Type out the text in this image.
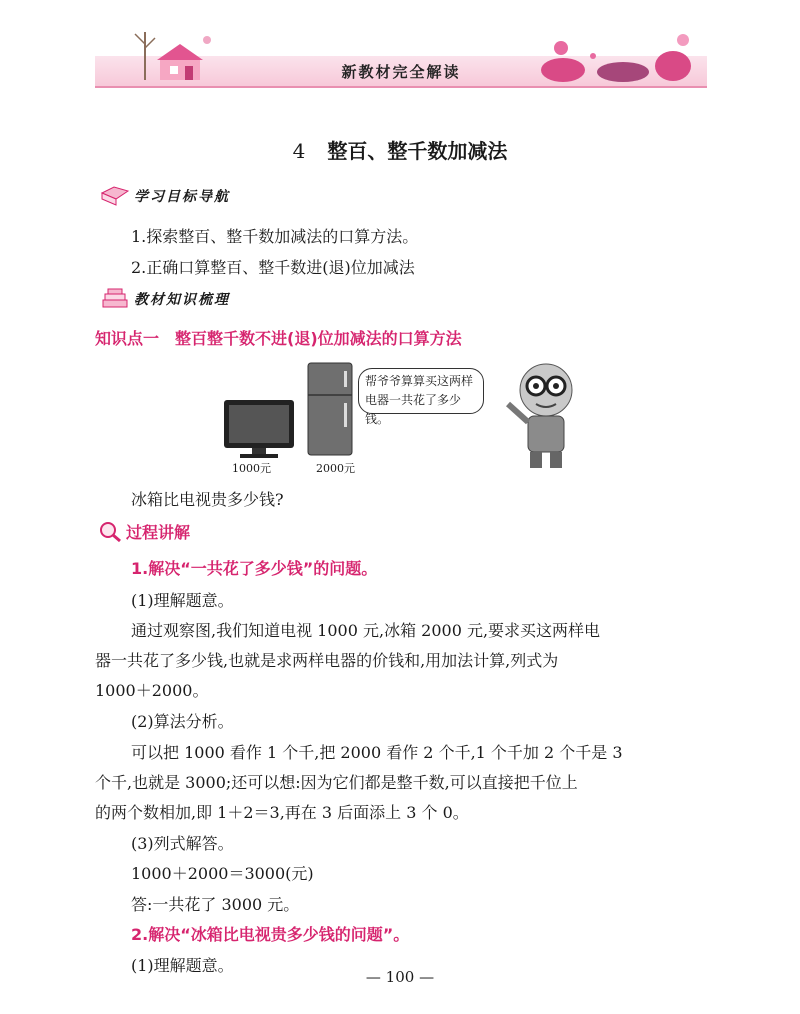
新教材完全解读
4 整百、整千数加减法
学习目标导航
1.探索整百、整千数加减法的口算方法。
2.正确口算整百、整千数进(退)位加减法
教材知识梳理
知识点一　整百整千数不进(退)位加减法的口算方法
1000元	2000元
帮爷爷算算买这两样
电器一共花了多少钱。
冰箱比电视贵多少钱?
过程讲解
1.解决“一共花了多少钱”的问题。
(1)理解题意。
通过观察图,我们知道电视 1000 元,冰箱 2000 元,要求买这两样电
器一共花了多少钱,也就是求两样电器的价钱和,用加法计算,列式为
1000＋2000。
(2)算法分析。
可以把 1000 看作 1 个千,把 2000 看作 2 个千,1 个千加 2 个千是 3
个千,也就是 3000;还可以想:因为它们都是整千数,可以直接把千位上
的两个数相加,即 1＋2＝3,再在 3 后面添上 3 个 0。
(3)列式解答。
1000＋2000＝3000(元)
答:一共花了 3000 元。
2.解决“冰箱比电视贵多少钱的问题”。
(1)理解题意。
— 100 —
